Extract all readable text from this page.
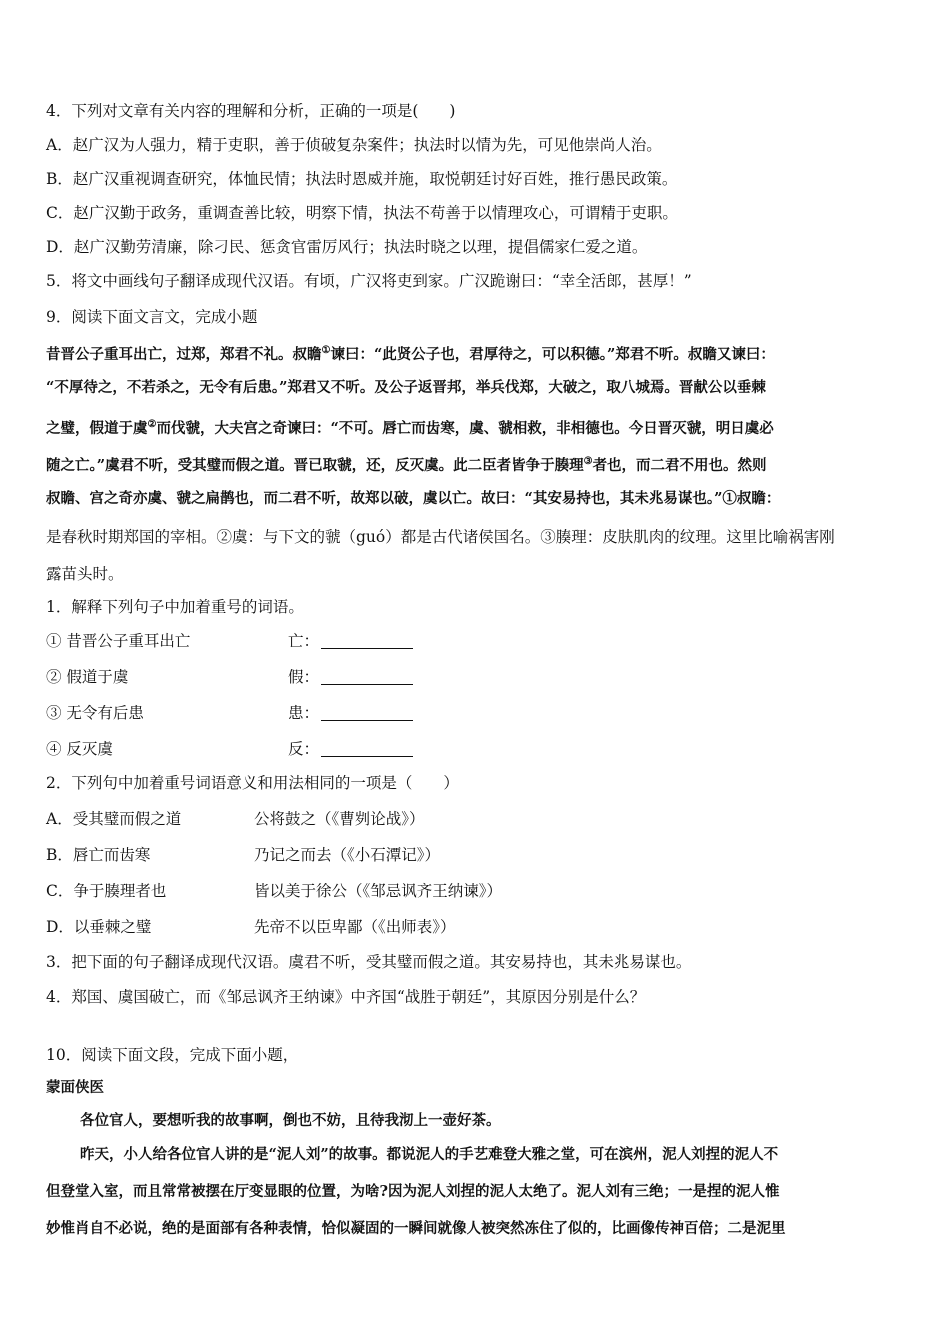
4．下列对文章有关内容的理解和分析，正确的一项是(　　)
A．赵广汉为人强力，精于吏职，善于侦破复杂案件；执法时以情为先，可见他崇尚人治。
B．赵广汉重视调查研究，体恤民情；执法时恩威并施，取悦朝廷讨好百姓，推行愚民政策。
C．赵广汉勤于政务，重调查善比较，明察下情，执法不苟善于以情理攻心，可谓精于吏职。
D．赵广汉勤劳清廉，除刁民、惩贪官雷厉风行；执法时晓之以理，提倡儒家仁爱之道。
5．将文中画线句子翻译成现代汉语。有顷，广汉将吏到家。广汉跪谢曰：“幸全活郎，甚厚！”
9．阅读下面文言文，完成小题
昔晋公子重耳出亡，过郑，郑君不礼。叔瞻①谏曰：“此贤公子也，君厚待之，可以积德。”郑君不听。叔瞻又谏曰：
“不厚待之，不若杀之，无令有后患。”郑君又不听。及公子返晋邦，举兵伐郑，大破之，取八城焉。晋献公以垂棘
之璧，假道于虞②而伐虢，大夫宫之奇谏曰：“不可。唇亡而齿寒，虞、虢相救，非相德也。今日晋灭虢，明日虞必
随之亡。”虞君不听，受其璧而假之道。晋已取虢，还，反灭虞。此二臣者皆争于腠理③者也，而二君不用也。然则
叔瞻、宫之奇亦虞、虢之扁鹊也，而二君不听，故郑以破，虞以亡。故曰：“其安易持也，其未兆易谋也。”①叔瞻：
是春秋时期郑国的宰相。②虞：与下文的虢（guó）都是古代诸侯国名。③腠理：皮肤肌肉的纹理。这里比喻祸害刚
露苗头时。
1．解释下列句子中加着重号的词语。
① 昔晋公子重耳出亡	亡：
② 假道于虞	假：
③ 无令有后患	患：
④ 反灭虞	反：
2．下列句中加着重号词语意义和用法相同的一项是（　　）
A．受其璧而假之道	公将鼓之（《曹刿论战》）
B．唇亡而齿寒	乃记之而去（《小石潭记》）
C．争于腠理者也	皆以美于徐公（《邹忌讽齐王纳谏》）
D．以垂棘之璧	先帝不以臣卑鄙（《出师表》）
3．把下面的句子翻译成现代汉语。虞君不听，受其璧而假之道。其安易持也，其未兆易谋也。
4．郑国、虞国破亡，而《邹忌讽齐王纳谏》中齐国“战胜于朝廷”，其原因分别是什么？
10．阅读下面文段，完成下面小题，
蒙面侠医
各位官人，要想听我的故事啊，倒也不妨，且待我沏上一壶好茶。
昨天，小人给各位官人讲的是“泥人刘”的故事。都说泥人的手艺难登大雅之堂，可在滨州，泥人刘捏的泥人不
但登堂入室，而且常常被摆在厅变显眼的位置，为啥?因为泥人刘捏的泥人太绝了。泥人刘有三绝；一是捏的泥人惟
妙惟肖自不必说，绝的是面部有各种表情，恰似凝固的一瞬间就像人被突然冻住了似的，比画像传神百倍；二是泥里
